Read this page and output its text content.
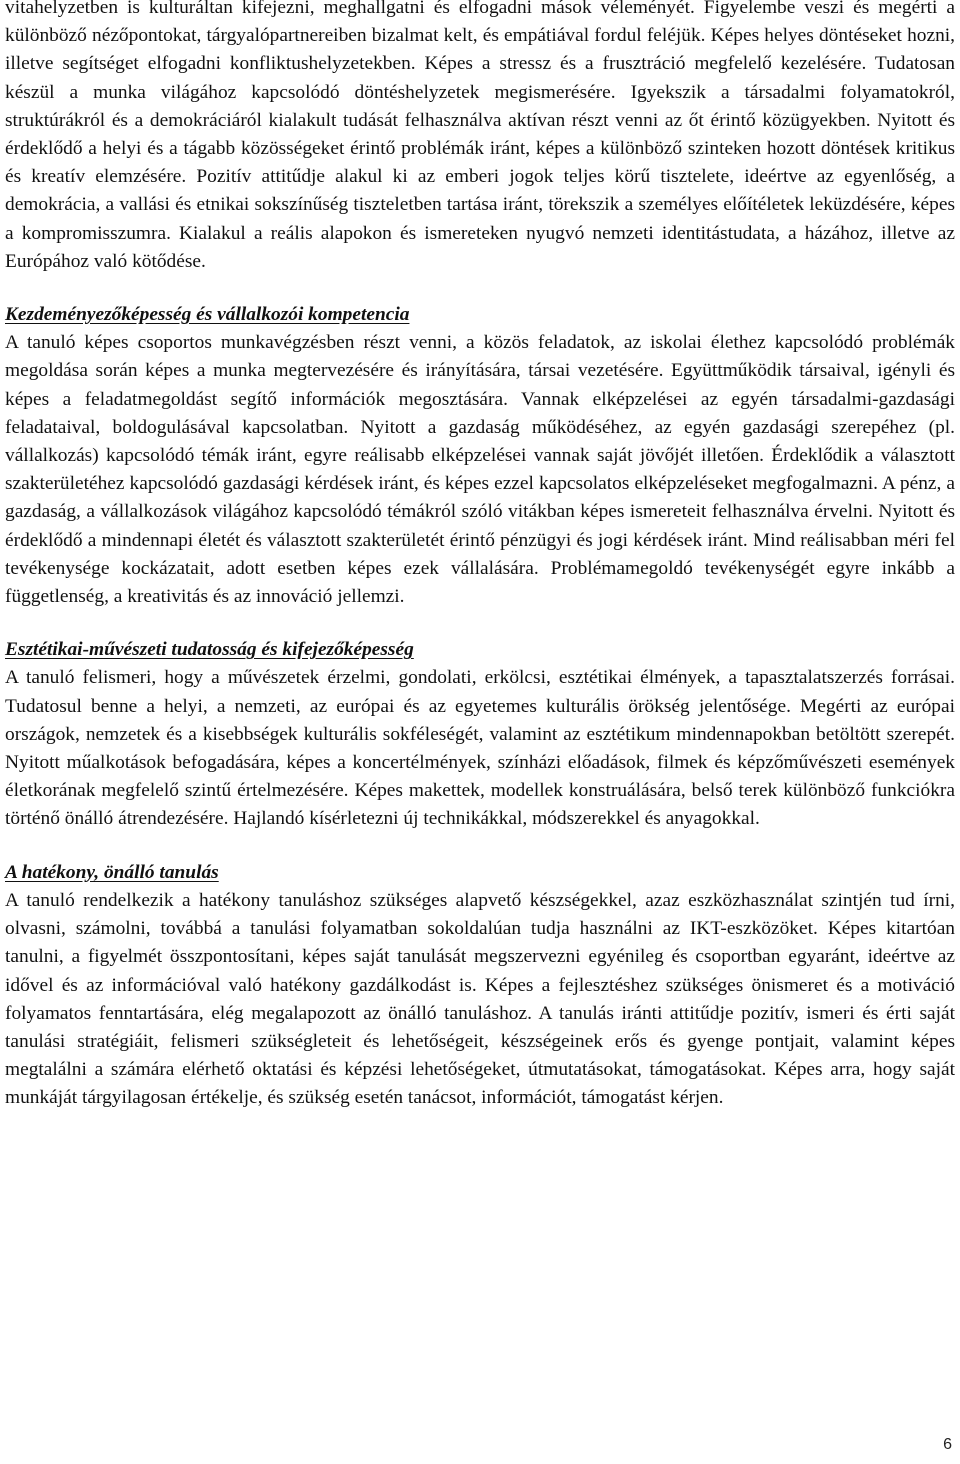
vitahelyzetben is kulturáltan kifejezni, meghallgatni és elfogadni mások véleményét. Figyelembe veszi és megérti a különböző nézőpontokat, tárgyalópartnereiben bizalmat kelt, és empátiával fordul feléjük. Képes helyes döntéseket hozni, illetve segítséget elfogadni konfliktushelyzetekben. Képes a stressz és a frusztráció megfelelő kezelésére. Tudatosan készül a munka világához kapcsolódó döntéshelyzetek megismerésére. Igyekszik a társadalmi folyamatokról, struktúrákról és a demokráciáról kialakult tudását felhasználva aktívan részt venni az őt érintő közügyekben. Nyitott és érdeklődő a helyi és a tágabb közösségeket érintő problémák iránt, képes a különböző szinteken hozott döntések kritikus és kreatív elemzésére. Pozitív attitűdje alakul ki az emberi jogok teljes körű tisztelete, ideértve az egyenlőség, a demokrácia, a vallási és etnikai sokszínűség tiszteletben tartása iránt, törekszik a személyes előítéletek leküzdésére, képes a kompromisszumra. Kialakul a reális alapokon és ismereteken nyugvó nemzeti identitástudata, a házához, illetve az Európához való kötődése.

Kezdeményezőképesség és vállalkozói kompetencia

A tanuló képes csoportos munkavégzésben részt venni, a közös feladatok, az iskolai élethez kapcsolódó problémák megoldása során képes a munka megtervezésére és irányítására, társai vezetésére. Együttműködik társaival, igényli és képes a feladatmegoldást segítő információk megosztására. Vannak elképzelései az egyén társadalmi-gazdasági feladataival, boldogulásával kapcsolatban. Nyitott a gazdaság működéséhez, az egyén gazdasági szerepéhez (pl. vállalkozás) kapcsolódó témák iránt, egyre reálisabb elképzelései vannak saját jövőjét illetően. Érdeklődik a választott szakterületéhez kapcsolódó gazdasági kérdések iránt, és képes ezzel kapcsolatos elképzeléseket megfogalmazni. A pénz, a gazdaság, a vállalkozások világához kapcsolódó témákról szóló vitákban képes ismereteit felhasználva érvelni. Nyitott és érdeklődő a mindennapi életét és választott szakterületét érintő pénzügyi és jogi kérdések iránt. Mind reálisabban méri fel tevékenysége kockázatait, adott esetben képes ezek vállalására. Problémamegoldó tevékenységét egyre inkább a függetlenség, a kreativitás és az innováció jellemzi.

Esztétikai-művészeti tudatosság és kifejezőképesség

A tanuló felismeri, hogy a művészetek érzelmi, gondolati, erkölcsi, esztétikai élmények, a tapasztalatszerzés forrásai. Tudatosul benne a helyi, a nemzeti, az európai és az egyetemes kulturális örökség jelentősége. Megérti az európai országok, nemzetek és a kisebbségek kulturális sokféleségét, valamint az esztétikum mindennapokban betöltött szerepét. Nyitott műalkotások befogadására, képes a koncertélmények, színházi előadások, filmek és képzőművészeti események életkorának megfelelő szintű értelmezésére. Képes makettek, modellek konstruálására, belső terek különböző funkciókra történő önálló átrendezésére. Hajlandó kísérletezni új technikákkal, módszerekkel és anyagokkal.

A hatékony, önálló tanulás

A tanuló rendelkezik a hatékony tanuláshoz szükséges alapvető készségekkel, azaz eszközhasználat szintjén tud írni, olvasni, számolni, továbbá a tanulási folyamatban sokoldalúan tudja használni az IKT-eszközöket. Képes kitartóan tanulni, a figyelmét összpontosítani, képes saját tanulását megszervezni egyénileg és csoportban egyaránt, ideértve az idővel és az információval való hatékony gazdálkodást is. Képes a fejlesztéshez szükséges önismeret és a motiváció folyamatos fenntartására, elég megalapozott az önálló tanuláshoz. A tanulás iránti attitűdje pozitív, ismeri és érti saját tanulási stratégiáit, felismeri szükségleteit és lehetőségeit, készségeinek erős és gyenge pontjait, valamint képes megtalálni a számára elérhető oktatási és képzési lehetőségeket, útmutatásokat, támogatásokat. Képes arra, hogy saját munkáját tárgyilagosan értékelje, és szükség esetén tanácsot, információt, támogatást kérjen.

6
